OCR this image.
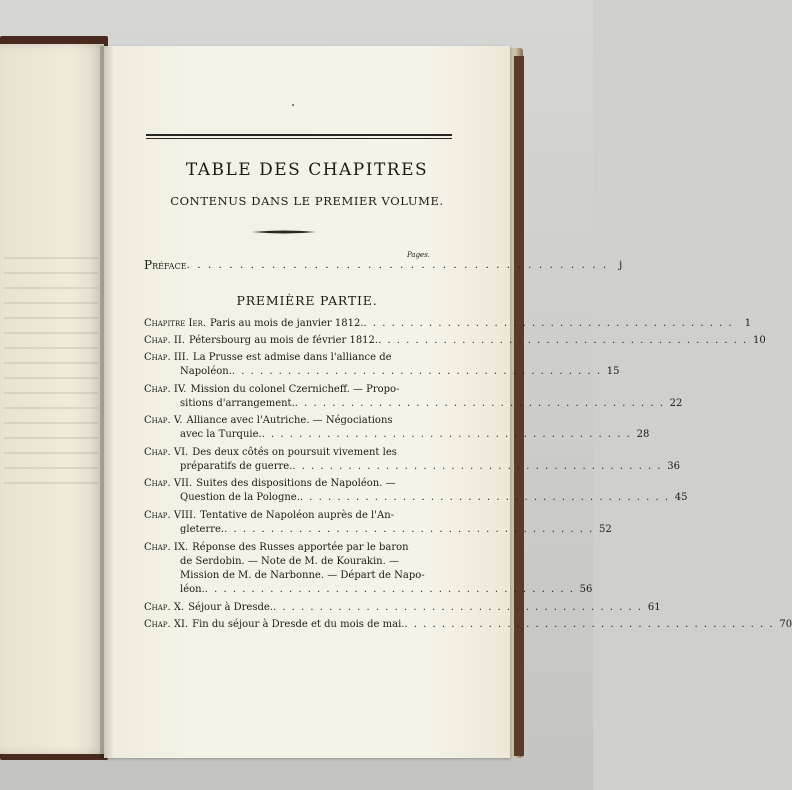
TABLE DES CHAPITRES
CONTENUS DANS LE PREMIER VOLUME.
Pages.
Préface . . . . . . . . . . . . . . . . . . . . . . . . . . . . . . . . . . . . . . . .	j
PREMIÈRE PARTIE.
Chapitre Ier. Paris au mois de janvier 1812. . . . . . . . . . . . . . . . . . . . . . . . . . . . . . . . . . . . . . . . .	1
Chap. II. Pétersbourg au mois de février 1812. . . . . . . . . . . . . . . . . . . . . . . . . . . . . . . . . . . . . . . . . 10
Chap. III. La Prusse est admise dans l'alliance de
Napoléon. . . . . . . . . . . . . . . . . . . . . . . . . . . . . . . . . . . . . . . . . 15
Chap. IV. Mission du colonel Czernicheff. — Propo-
sitions d'arrangement. . . . . . . . . . . . . . . . . . . . . . . . . . . . . . . . . . . . . . . . . 22
Chap. V. Alliance avec l'Autriche. — Négociations
avec la Turquie. . . . . . . . . . . . . . . . . . . . . . . . . . . . . . . . . . . . . . . . . 28
Chap. VI. Des deux côtés on poursuit vivement les
préparatifs de guerre. . . . . . . . . . . . . . . . . . . . . . . . . . . . . . . . . . . . . . . . . 36
Chap. VII. Suites des dispositions de Napoléon. —
Question de la Pologne. . . . . . . . . . . . . . . . . . . . . . . . . . . . . . . . . . . . . . . . . 45
Chap. VIII. Tentative de Napoléon auprès de l'An-
gleterre. . . . . . . . . . . . . . . . . . . . . . . . . . . . . . . . . . . . . . . . . 52
Chap. IX. Réponse des Russes apportée par le baron
de Serdobin. — Note de M. de Kourakin. —
Mission de M. de Narbonne. — Départ de Napo-
léon. . . . . . . . . . . . . . . . . . . . . . . . . . . . . . . . . . . . . . . . . 56
Chap. X. Séjour à Dresde. . . . . . . . . . . . . . . . . . . . . . . . . . . . . . . . . . . . . . . . . 61
Chap. XI. Fin du séjour à Dresde et du mois de mai. . . . . . . . . . . . . . . . . . . . . . . . . . . . . . . . . . . . . . . . . 70
